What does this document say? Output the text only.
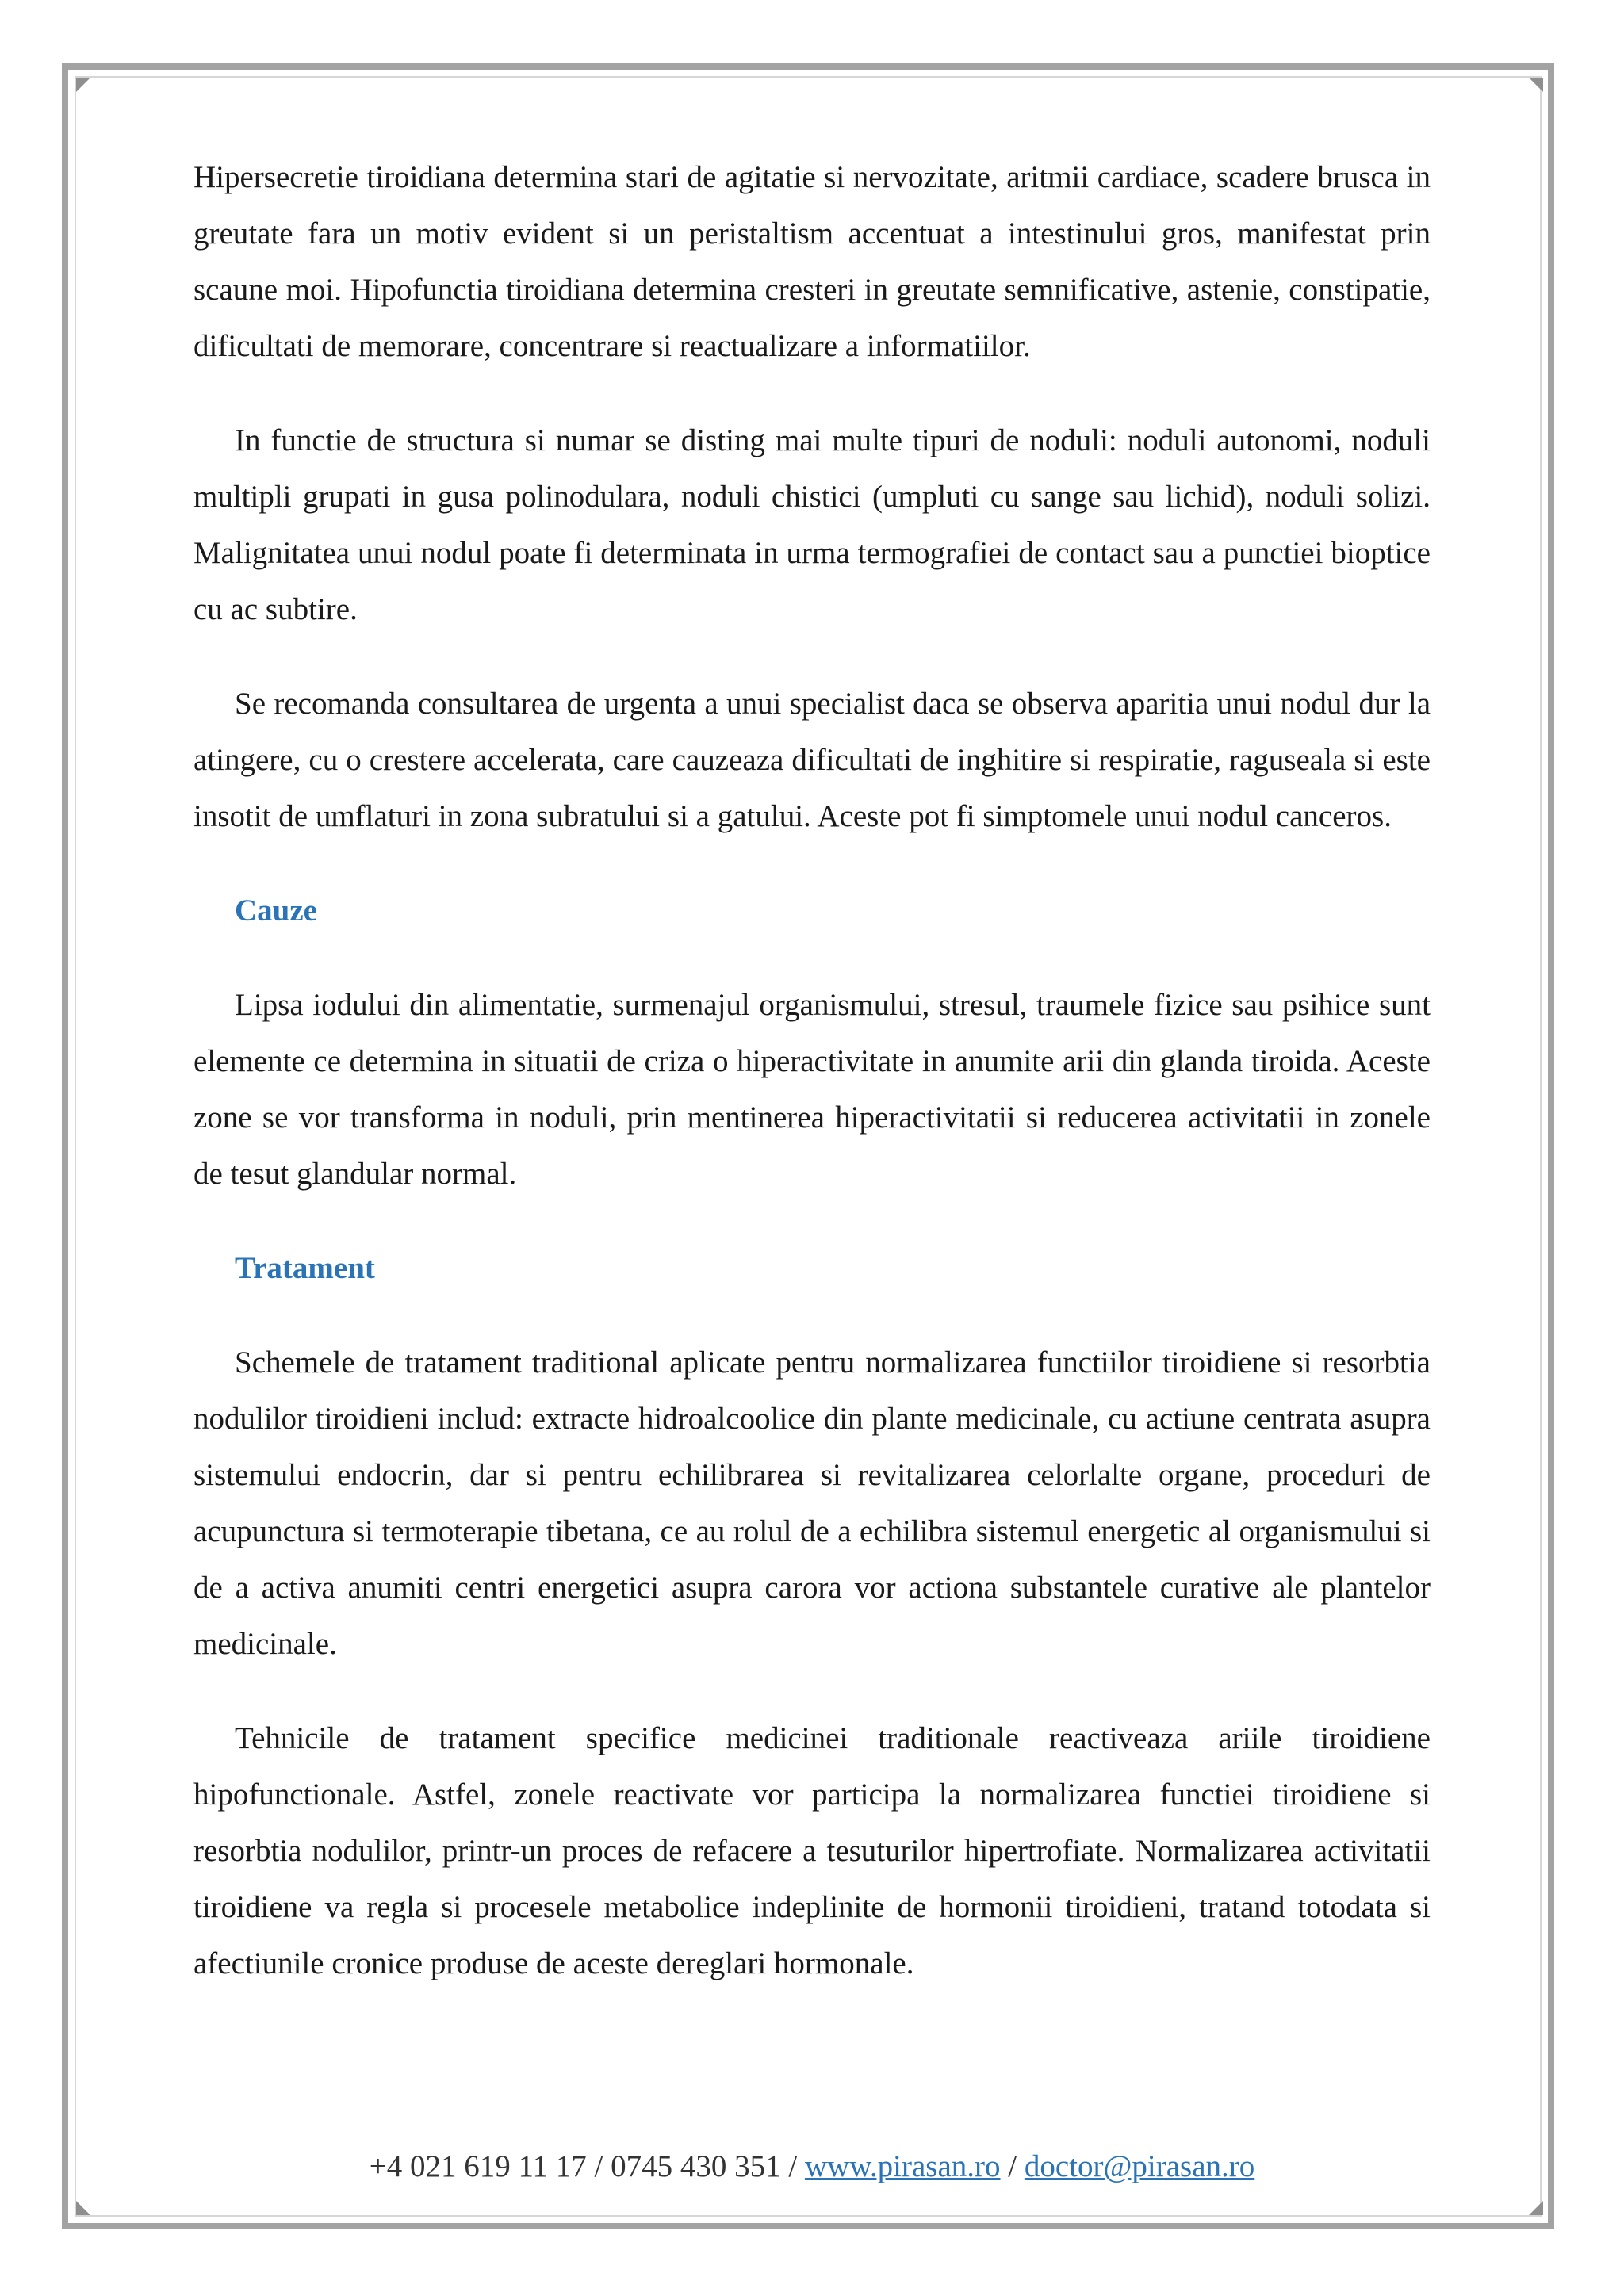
Hipersecretie tiroidiana determina stari de agitatie si nervozitate, aritmii cardiace, scadere brusca in greutate fara un motiv evident si un peristaltism accentuat a intestinului gros, manifestat prin scaune moi. Hipofunctia tiroidiana determina cresteri in greutate semnificative, astenie, constipatie, dificultati de memorare, concentrare si reactualizare a informatiilor.

In functie de structura si numar se disting mai multe tipuri de noduli: noduli autonomi, noduli multipli grupati in gusa polinodulara, noduli chistici (umpluti cu sange sau lichid), noduli solizi. Malignitatea unui nodul poate fi determinata in urma termografiei de contact sau a punctiei bioptice cu ac subtire.

Se recomanda consultarea de urgenta a unui specialist daca se observa aparitia unui nodul dur la atingere, cu o crestere accelerata, care cauzeaza dificultati de inghitire si respiratie, raguseala si este insotit de umflaturi in zona subratului si a gatului. Aceste pot fi simptomele unui nodul canceros.

Cauze

Lipsa iodului din alimentatie, surmenajul organismului, stresul, traumele fizice sau psihice sunt elemente ce determina in situatii de criza o hiperactivitate in anumite arii din glanda tiroida. Aceste zone se vor transforma in noduli, prin mentinerea hiperactivitatii si reducerea activitatii in zonele de tesut glandular normal.

Tratament

Schemele de tratament traditional aplicate pentru normalizarea functiilor tiroidiene si resorbtia nodulilor tiroidieni includ: extracte hidroalcoolice din plante medicinale, cu actiune centrata asupra sistemului endocrin, dar si pentru echilibrarea si revitalizarea celorlalte organe, proceduri de acupunctura si termoterapie tibetana, ce au rolul de a echilibra sistemul energetic al organismului si de a activa anumiti centri energetici asupra carora vor actiona substantele curative ale plantelor medicinale.

Tehnicile de tratament specifice medicinei traditionale reactiveaza ariile tiroidiene hipofunctionale. Astfel, zonele reactivate vor participa la normalizarea functiei tiroidiene si resorbtia nodulilor, printr-un proces de refacere a tesuturilor hipertrofiate. Normalizarea activitatii tiroidiene va regla si procesele metabolice indeplinite de hormonii tiroidieni, tratand totodata si afectiunile cronice produse de aceste dereglari hormonale.

+4 021 619 11 17 / 0745 430 351 / www.pirasan.ro / doctor@pirasan.ro
